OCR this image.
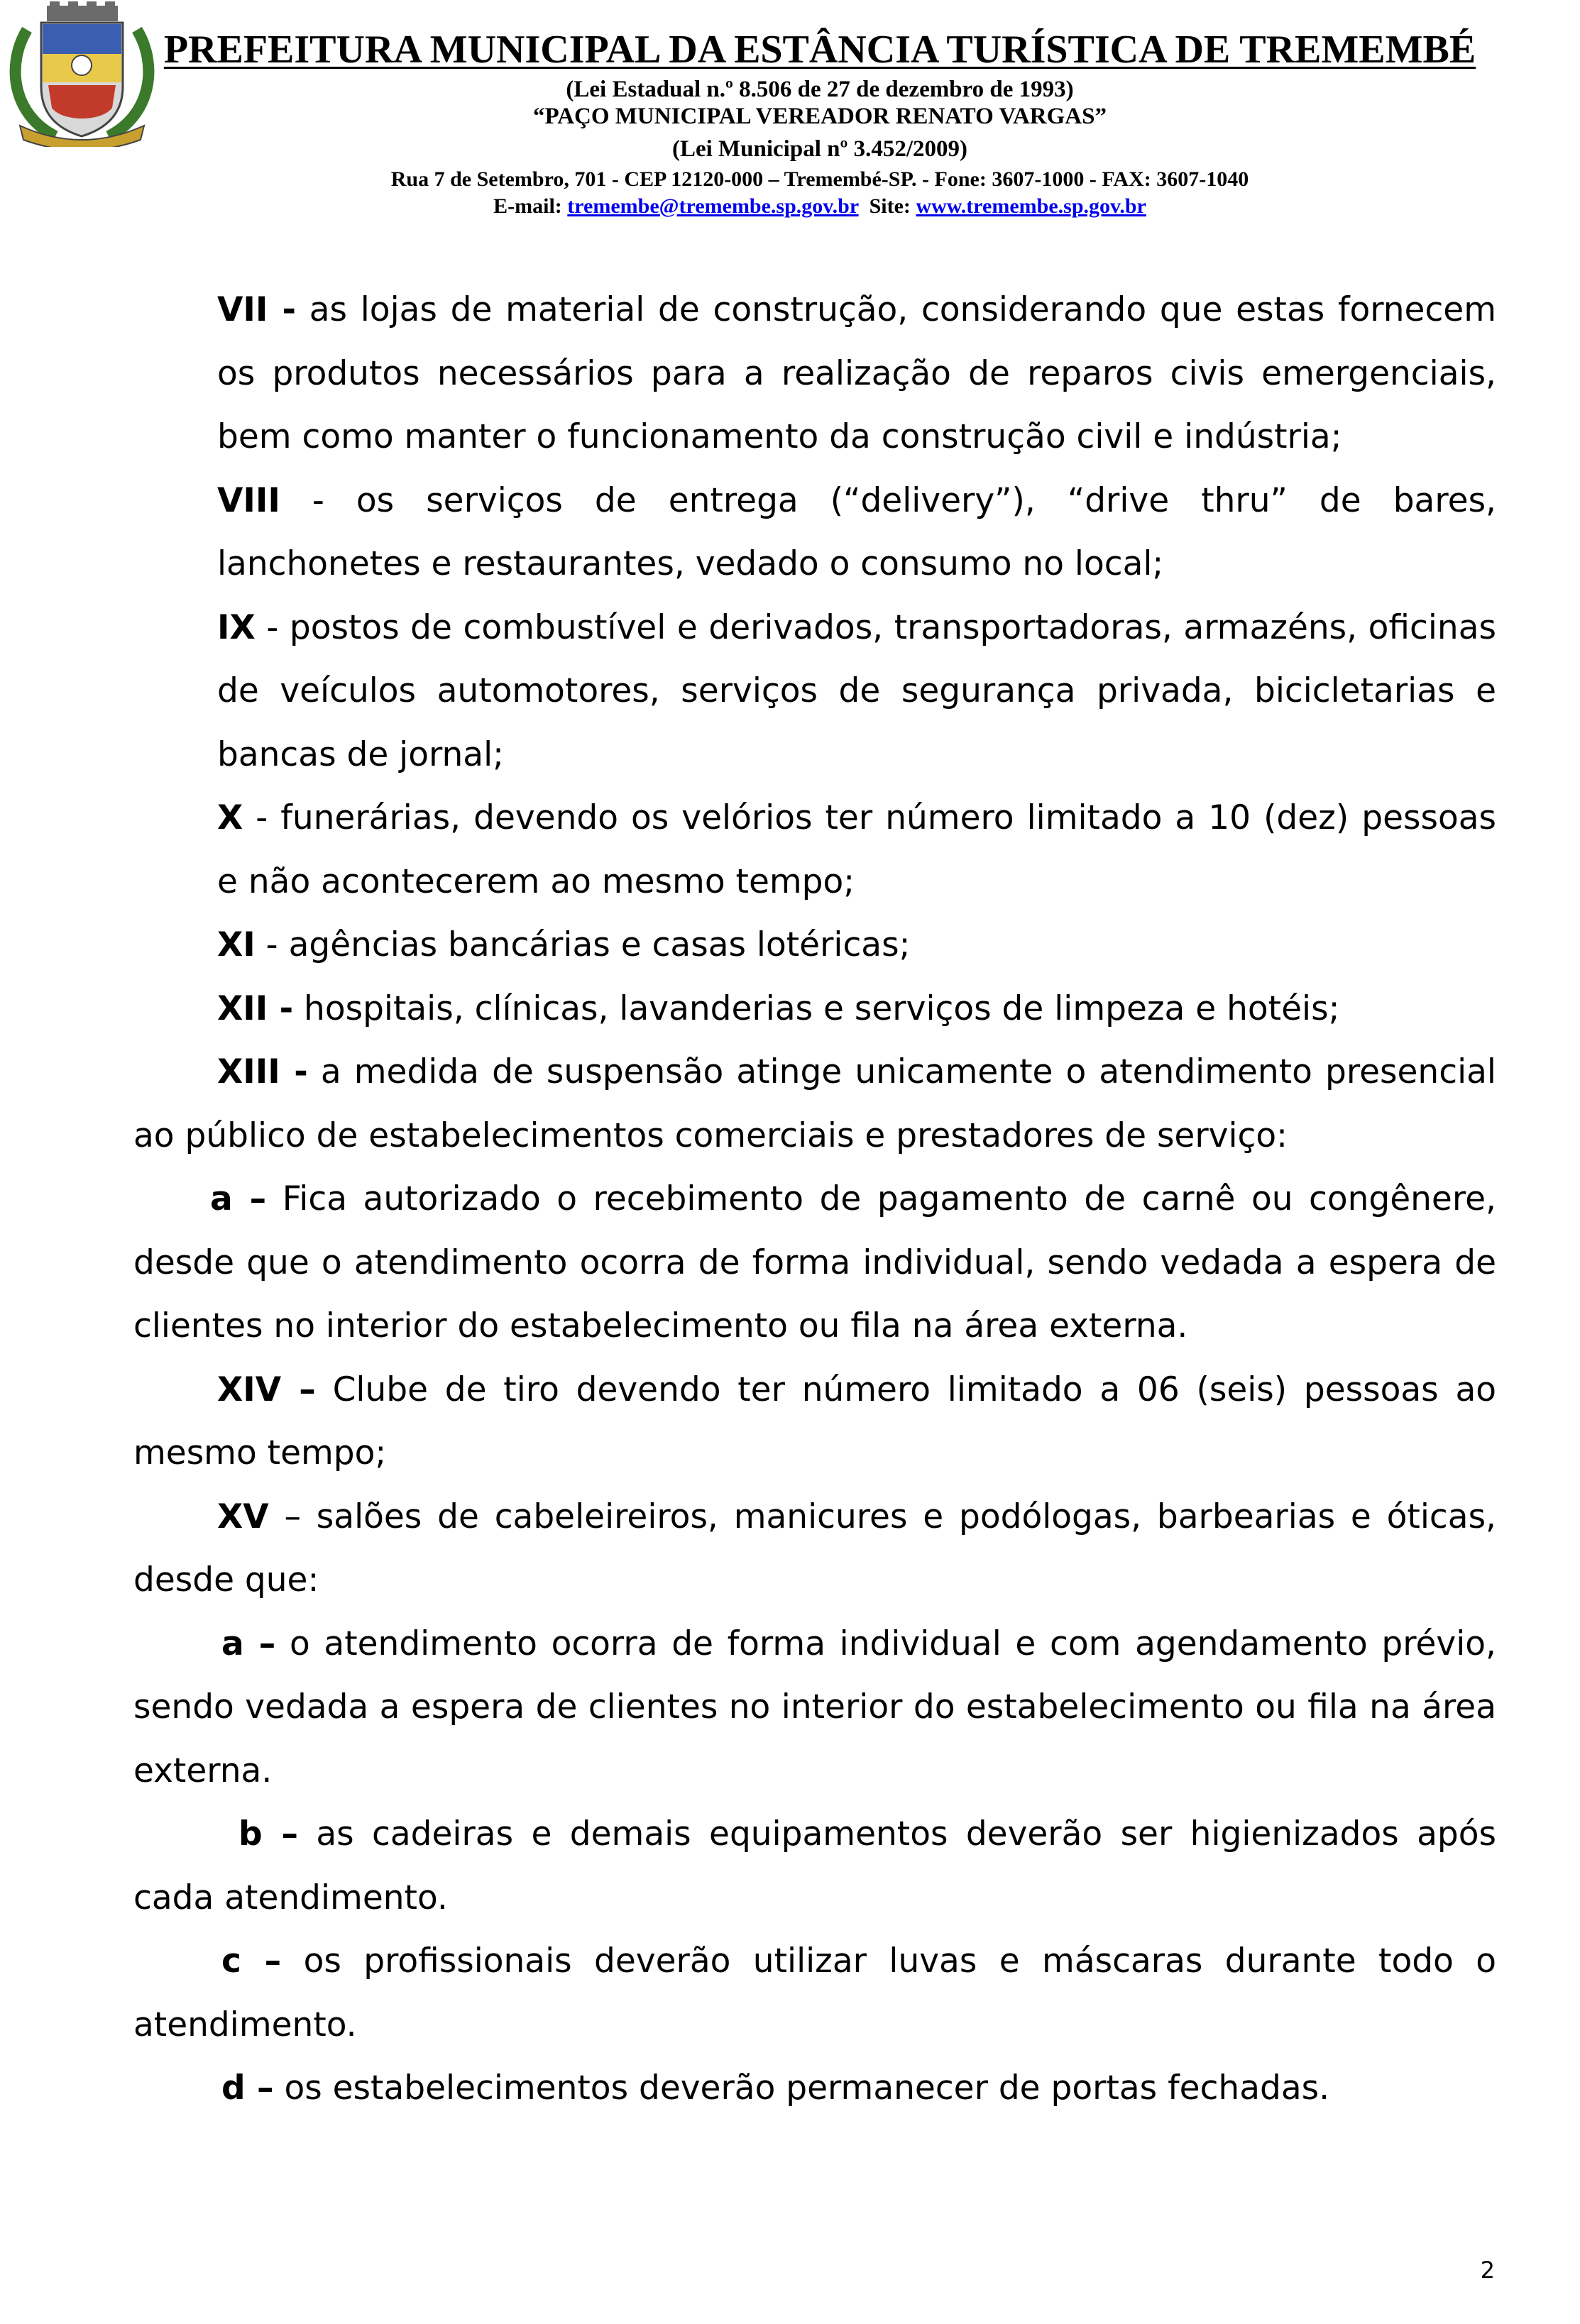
PREFEITURA MUNICIPAL DA ESTÂNCIA TURÍSTICA DE TREMEMBÉ
(Lei Estadual n.º 8.506 de 27 de dezembro de 1993)
“PAÇO MUNICIPAL VEREADOR RENATO VARGAS”
(Lei Municipal nº 3.452/2009)
Rua 7 de Setembro, 701 - CEP 12120-000 – Tremembé-SP. - Fone: 3607-1000 - FAX: 3607-1040
E-mail: tremembe@tremembe.sp.gov.br Site: www.tremembe.sp.gov.br

VII - as lojas de material de construção, considerando que estas fornecem os produtos necessários para a realização de reparos civis emergenciais, bem como manter o funcionamento da construção civil e indústria;

VIII - os serviços de entrega (“delivery”), “drive thru” de bares, lanchonetes e restaurantes, vedado o consumo no local;

IX - postos de combustível e derivados, transportadoras, armazéns, oficinas de veículos automotores, serviços de segurança privada, bicicletarias e bancas de jornal;

X - funerárias, devendo os velórios ter número limitado a 10 (dez) pessoas e não acontecerem ao mesmo tempo;

XI - agências bancárias e casas lotéricas;

XII - hospitais, clínicas, lavanderias e serviços de limpeza e hotéis;

XIII - a medida de suspensão atinge unicamente o atendimento presencial ao público de estabelecimentos comerciais e prestadores de serviço:

a – Fica autorizado o recebimento de pagamento de carnê ou congênere, desde que o atendimento ocorra de forma individual, sendo vedada a espera de clientes no interior do estabelecimento ou fila na área externa.

XIV – Clube de tiro devendo ter número limitado a 06 (seis) pessoas ao mesmo tempo;

XV – salões de cabeleireiros, manicures e podólogas, barbearias e óticas, desde que:

a – o atendimento ocorra de forma individual e com agendamento prévio, sendo vedada a espera de clientes no interior do estabelecimento ou fila na área externa.

b – as cadeiras e demais equipamentos deverão ser higienizados após cada atendimento.

c – os profissionais deverão utilizar luvas e máscaras durante todo o atendimento.

d – os estabelecimentos deverão permanecer de portas fechadas.

2
